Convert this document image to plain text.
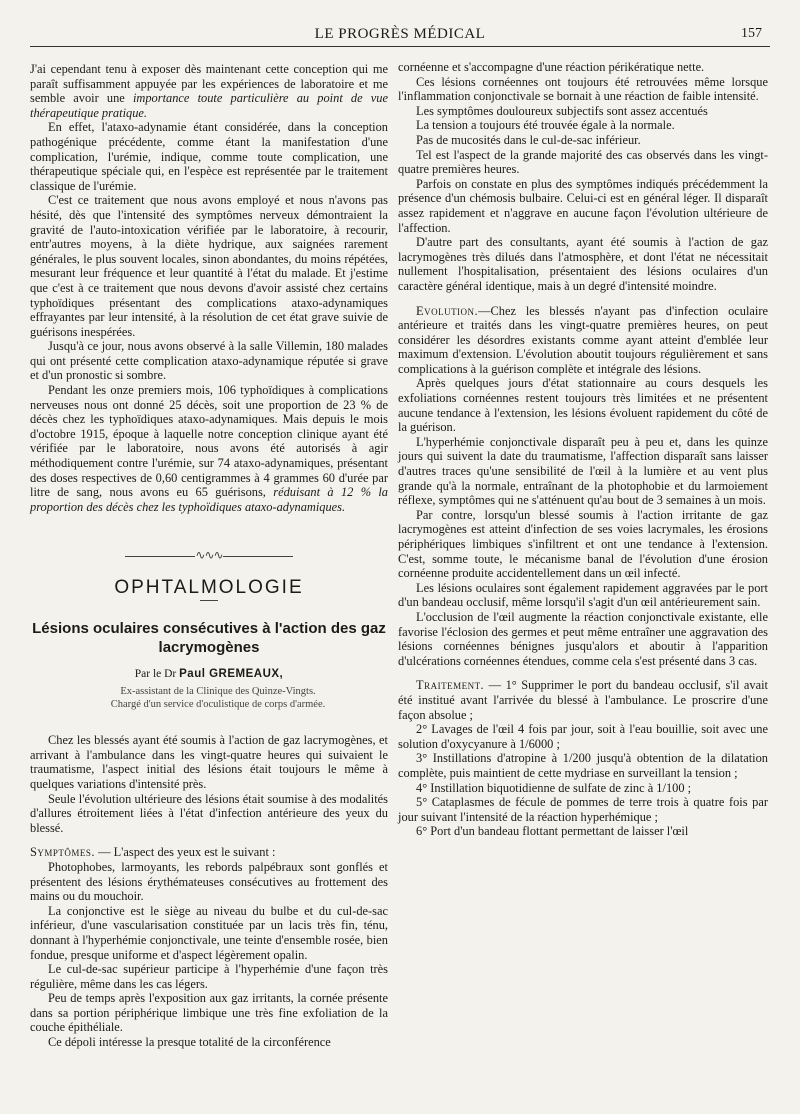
LE PROGRÈS MÉDICAL	157

J'ai cependant tenu à exposer dès maintenant cette conception qui me paraît suffisamment appuyée par les expériences de laboratoire et me semble avoir une importance toute particulière au point de vue thérapeutique pratique.

En effet, l'ataxo-adynamie étant considérée, dans la conception pathogénique précédente, comme étant la manifestation d'une complication, l'urémie, indique, comme toute complication, une thérapeutique spéciale qui, en l'espèce est représentée par le traitement classique de l'urémie.

C'est ce traitement que nous avons employé et nous n'avons pas hésité, dès que l'intensité des symptômes nerveux démontraient la gravité de l'auto-intoxication vérifiée par le laboratoire, à recourir, entr'autres moyens, à la diète hydrique, aux saignées rarement générales, le plus souvent locales, sinon abondantes, du moins répétées, mesurant leur fréquence et leur quantité à l'état du malade. Et j'estime que c'est à ce traitement que nous devons d'avoir assisté chez certains typhoïdiques présentant des complications ataxo-adynamiques effrayantes par leur intensité, à la résolution de cet état grave suivie de guérisons inespérées.

Jusqu'à ce jour, nous avons observé à la salle Villemin, 180 malades qui ont présenté cette complication ataxo-adynamique réputée si grave et d'un pronostic si sombre.

Pendant les onze premiers mois, 106 typhoïdiques à complications nerveuses nous ont donné 25 décès, soit une proportion de 23 % de décès chez les typhoïdiques ataxo-adynamiques. Mais depuis le mois d'octobre 1915, époque à laquelle notre conception clinique ayant été vérifiée par le laboratoire, nous avons été autorisés à agir méthodiquement contre l'urémie, sur 74 ataxo-adynamiques, présentant des doses respectives de 0,60 centigrammes à 4 grammes 60 d'urée par litre de sang, nous avons eu 65 guérisons, réduisant à 12 % la proportion des décès chez les typhoïdiques ataxo-adynamiques.

∿∿∿
OPHTALMOLOGIE
Lésions oculaires consécutives à l'action des gaz lacrymogènes
Par le Dr Paul GREMEAUX,

Ex-assistant de la Clinique des Quinze-Vingts.

Chargé d'un service d'oculistique de corps d'armée.

Chez les blessés ayant été soumis à l'action de gaz lacrymogènes, et arrivant à l'ambulance dans les vingt-quatre heures qui suivaient le traumatisme, l'aspect initial des lésions était toujours le même à quelques variations d'intensité près.

Seule l'évolution ultérieure des lésions était soumise à des modalités d'allures étroitement liées à l'état d'infection antérieure des yeux du blessé.

Symptômes. — L'aspect des yeux est le suivant :

Photophobes, larmoyants, les rebords palpébraux sont gonflés et présentent des lésions érythémateuses consécutives au frottement des mains ou du mouchoir.

La conjonctive est le siège au niveau du bulbe et du cul-de-sac inférieur, d'une vascularisation constituée par un lacis très fin, ténu, donnant à l'hyperhémie conjonctivale, une teinte d'ensemble rosée, bien fondue, presque uniforme et d'aspect légèrement opalin.

Le cul-de-sac supérieur participe à l'hyperhémie d'une façon très régulière, même dans les cas légers.

Peu de temps après l'exposition aux gaz irritants, la cornée présente dans sa portion périphérique limbique une très fine exfoliation de la couche épithéliale.

Ce dépoli intéresse la presque totalité de la circonférence

cornéenne et s'accompagne d'une réaction périkératique nette.

Ces lésions cornéennes ont toujours été retrouvées même lorsque l'inflammation conjonctivale se bornait à une réaction de faible intensité.

Les symptômes douloureux subjectifs sont assez accentués

La tension a toujours été trouvée égale à la normale.

Pas de mucosités dans le cul-de-sac inférieur.

Tel est l'aspect de la grande majorité des cas observés dans les vingt-quatre premières heures.

Parfois on constate en plus des symptômes indiqués précédemment la présence d'un chémosis bulbaire. Celui-ci est en général léger. Il disparaît assez rapidement et n'aggrave en aucune façon l'évolution ultérieure de l'affection.

D'autre part des consultants, ayant été soumis à l'action de gaz lacrymogènes très dilués dans l'atmosphère, et dont l'état ne nécessitait nullement l'hospitalisation, présentaient des lésions oculaires d'un caractère général identique, mais à un degré d'intensité moindre.

Evolution.—Chez les blessés n'ayant pas d'infection oculaire antérieure et traités dans les vingt-quatre premières heures, on peut considérer les désordres existants comme ayant atteint d'emblée leur maximum d'extension. L'évolution aboutit toujours régulièrement et sans complications à la guérison complète et intégrale des lésions.

Après quelques jours d'état stationnaire au cours desquels les exfoliations cornéennes restent toujours très limitées et ne présentent aucune tendance à l'extension, les lésions évoluent rapidement du côté de la guérison.

L'hyperhémie conjonctivale disparaît peu à peu et, dans les quinze jours qui suivent la date du traumatisme, l'affection disparaît sans laisser d'autres traces qu'une sensibilité de l'œil à la lumière et au vent plus grande qu'à la normale, entraînant de la photophobie et du larmoiement réflexe, symptômes qui ne s'atténuent qu'au bout de 3 semaines à un mois.

Par contre, lorsqu'un blessé soumis à l'action irritante de gaz lacrymogènes est atteint d'infection de ses voies lacrymales, les érosions périphériques limbiques s'infiltrent et ont une tendance à l'extension. C'est, somme toute, le mécanisme banal de l'évolution d'une érosion cornéenne produite accidentellement dans un œil infecté.

Les lésions oculaires sont également rapidement aggravées par le port d'un bandeau occlusif, même lorsqu'il s'agit d'un œil antérieurement sain.

L'occlusion de l'œil augmente la réaction conjonctivale existante, elle favorise l'éclosion des germes et peut même entraîner une aggravation des lésions cornéennes bénignes jusqu'alors et aboutir à l'apparition d'ulcérations cornéennes étendues, comme cela s'est présenté dans 3 cas.

Traitement. — 1° Supprimer le port du bandeau occlusif, s'il avait été institué avant l'arrivée du blessé à l'ambulance. Le proscrire d'une façon absolue ;

2° Lavages de l'œil 4 fois par jour, soit à l'eau bouillie, soit avec une solution d'oxycyanure à 1/6000 ;

3° Instillations d'atropine à 1/200 jusqu'à obtention de la dilatation complète, puis maintient de cette mydriase en surveillant la tension ;

4° Instillation biquotidienne de sulfate de zinc à 1/100 ;

5° Cataplasmes de fécule de pommes de terre trois à quatre fois par jour suivant l'intensité de la réaction hyperhémique ;

6° Port d'un bandeau flottant permettant de laisser l'œil
